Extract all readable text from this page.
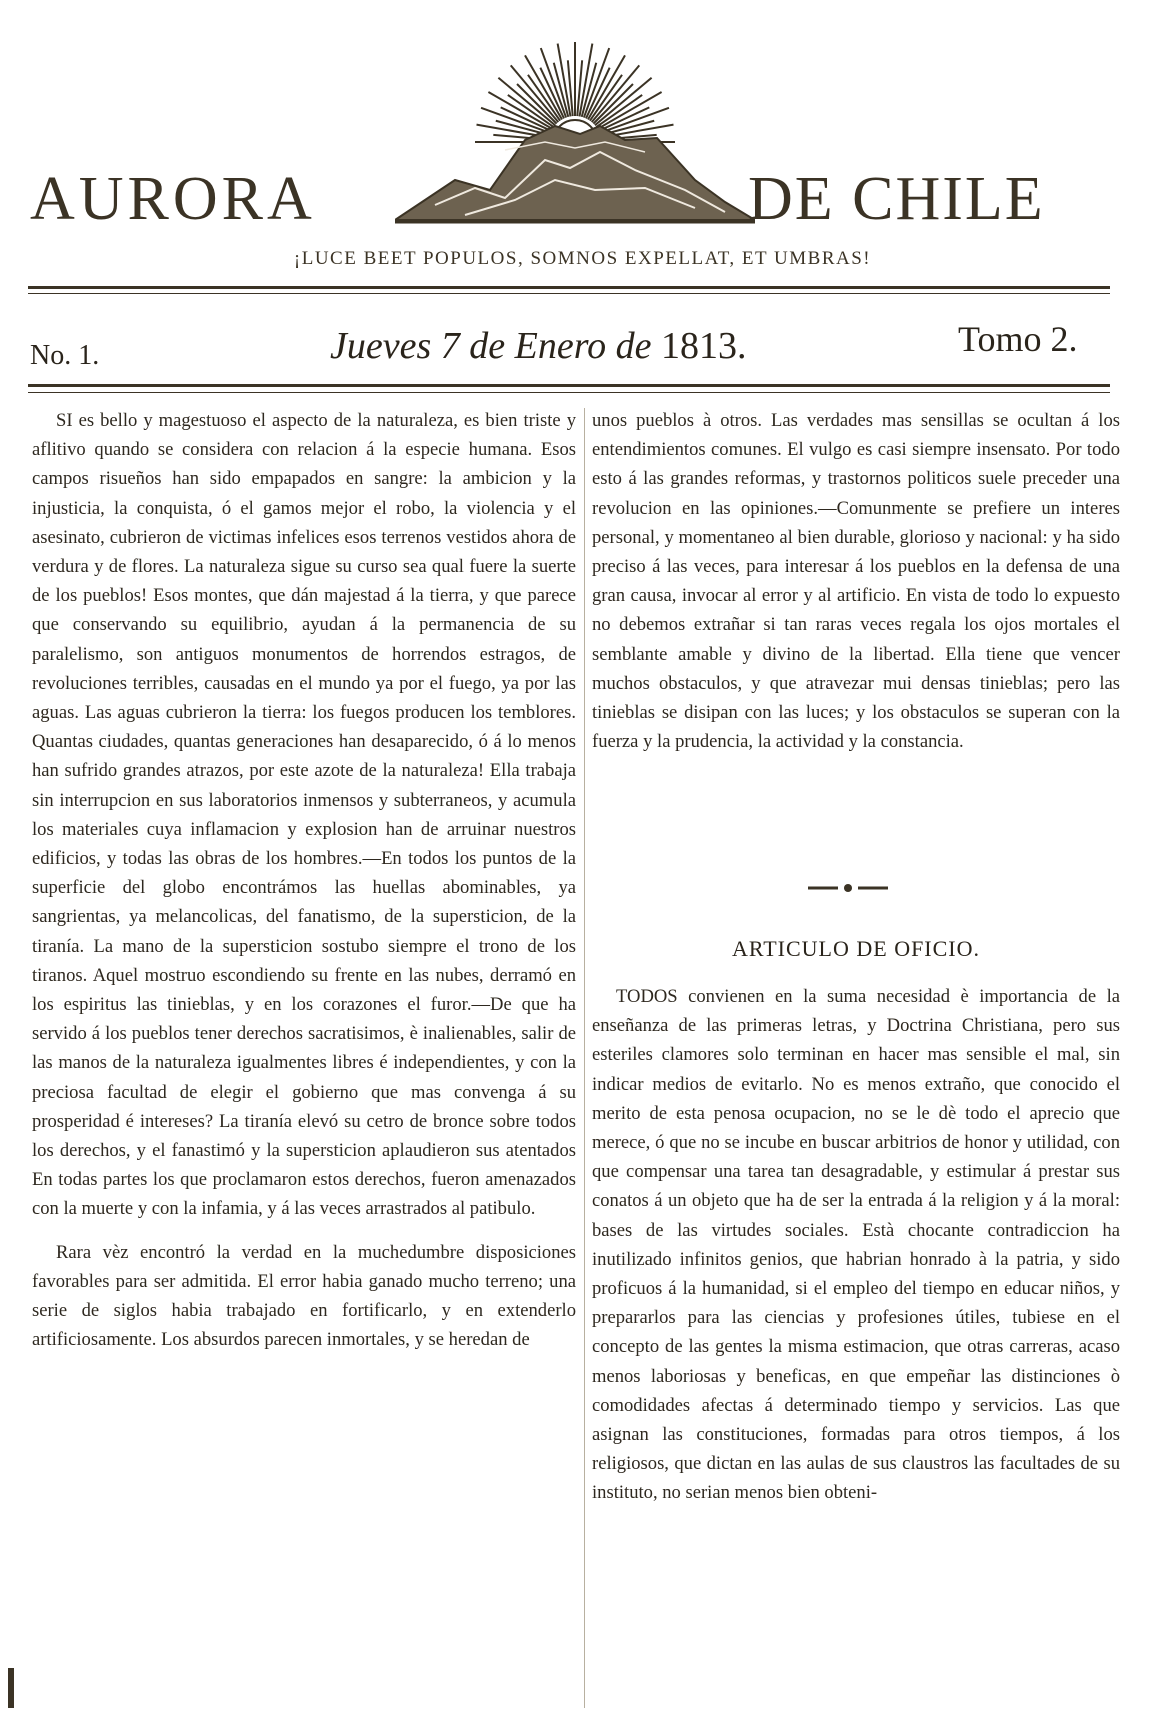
AURORA	DE CHILE
¡LUCE BEET POPULOS, SOMNOS EXPELLAT, ET UMBRAS!
No. 1.	Jueves 7 de Enero de 1813.	Tomo 2.

SI es bello y magestuoso el aspecto de la naturaleza, es bien triste y aflitivo quando se considera con relacion á la especie humana. Esos campos risueños han sido empapados en sangre: la ambicion y la injusticia, la conquista, ó el gamos mejor el robo, la violencia y el asesinato, cubrieron de victimas infelices esos terrenos vestidos ahora de verdura y de flores. La naturaleza sigue su curso sea qual fuere la suerte de los pueblos! Esos montes, que dán majestad á la tierra, y que parece que conservando su equilibrio, ayudan á la permanencia de su paralelismo, son antiguos monumentos de horrendos estragos, de revoluciones terribles, causadas en el mundo ya por el fuego, ya por las aguas. Las aguas cubrieron la tierra: los fuegos producen los temblores. Quantas ciudades, quantas generaciones han desaparecido, ó á lo menos han sufrido grandes atrazos, por este azote de la naturaleza! Ella trabaja sin interrupcion en sus laboratorios inmensos y subterraneos, y acumula los materiales cuya inflamacion y explosion han de arruinar nuestros edificios, y todas las obras de los hombres.—En todos los puntos de la superficie del globo encontrámos las huellas abominables, ya sangrientas, ya melancolicas, del fanatismo, de la supersticion, de la tiranía. La mano de la supersticion sostubo siempre el trono de los tiranos. Aquel mostruo escondiendo su frente en las nubes, derramó en los espiritus las tinieblas, y en los corazones el furor.—De que ha servido á los pueblos tener derechos sacratisimos, è inalienables, salir de las manos de la naturaleza igualmentes libres é independientes, y con la preciosa facultad de elegir el gobierno que mas convenga á su prosperidad é intereses? La tiranía elevó su cetro de bronce sobre todos los derechos, y el fanastimó y la supersticion aplaudieron sus atentados En todas partes los que proclamaron estos derechos, fueron amenazados con la muerte y con la infamia, y á las veces arrastrados al patibulo.

Rara vèz encontró la verdad en la muchedumbre disposiciones favorables para ser admitida. El error habia ganado mucho terreno; una serie de siglos habia trabajado en fortificarlo, y en extenderlo artificiosamente. Los absurdos parecen inmortales, y se heredan de

unos pueblos à otros. Las verdades mas sensillas se ocultan á los entendimientos comunes. El vulgo es casi siempre insensato. Por todo esto á las grandes reformas, y trastornos politicos suele preceder una revolucion en las opiniones.—Comunmente se prefiere un interes personal, y momentaneo al bien durable, glorioso y nacional: y ha sido preciso á las veces, para interesar á los pueblos en la defensa de una gran causa, invocar al error y al artificio. En vista de todo lo expuesto no debemos extrañar si tan raras veces regala los ojos mortales el semblante amable y divino de la libertad. Ella tiene que vencer muchos obstaculos, y que atravezar mui densas tinieblas; pero las tinieblas se disipan con las luces; y los obstaculos se superan con la fuerza y la prudencia, la actividad y la constancia.

ARTICULO DE OFICIO.

TODOS convienen en la suma necesidad è importancia de la enseñanza de las primeras letras, y Doctrina Christiana, pero sus esteriles clamores solo terminan en hacer mas sensible el mal, sin indicar medios de evitarlo. No es menos extraño, que conocido el merito de esta penosa ocupacion, no se le dè todo el aprecio que merece, ó que no se incube en buscar arbitrios de honor y utilidad, con que compensar una tarea tan desagradable, y estimular á prestar sus conatos á un objeto que ha de ser la entrada á la religion y á la moral: bases de las virtudes sociales. Està chocante contradiccion ha inutilizado infinitos genios, que habrian honrado à la patria, y sido proficuos á la humanidad, si el empleo del tiempo en educar niños, y prepararlos para las ciencias y profesiones útiles, tubiese en el concepto de las gentes la misma estimacion, que otras carreras, acaso menos laboriosas y beneficas, en que empeñar las distinciones ò comodidades afectas á determinado tiempo y servicios. Las que asignan las constituciones, formadas para otros tiempos, á los religiosos, que dictan en las aulas de sus claustros las facultades de su instituto, no serian menos bien obteni-
